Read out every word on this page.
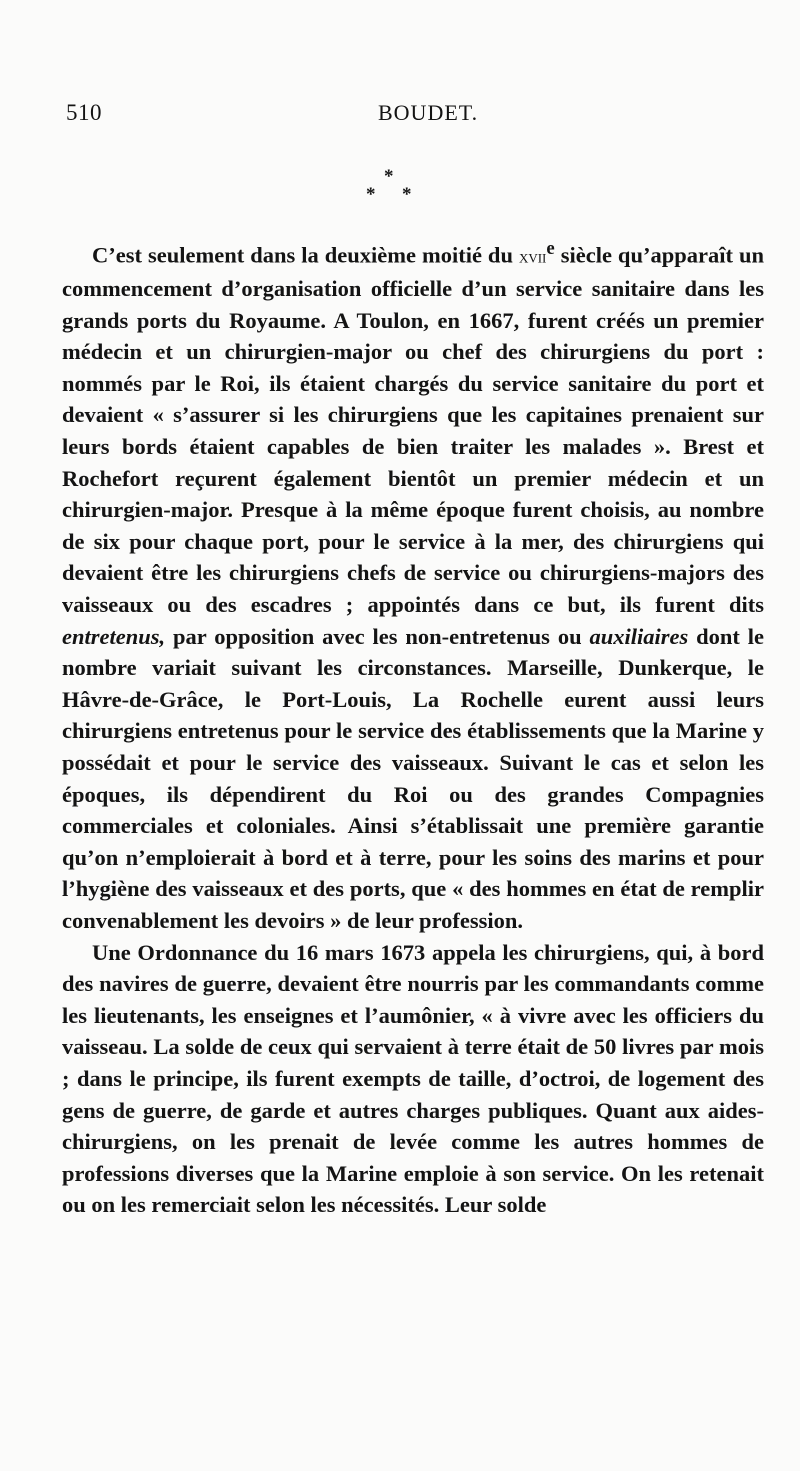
510	BOUDET.
*
* *

C’est seulement dans la deuxième moitié du xvii$^e$ siècle qu’apparaît un commencement d’organisation officielle d’un service sanitaire dans les grands ports du Royaume. A Toulon, en 1667, furent créés un premier médecin et un chirurgien-major ou chef des chirurgiens du port : nommés par le Roi, ils étaient chargés du service sanitaire du port et devaient « s’assurer si les chirurgiens que les capitaines prenaient sur leurs bords étaient capables de bien traiter les malades ». Brest et Rochefort reçurent également bientôt un premier médecin et un chirurgien-major. Presque à la même époque furent choisis, au nombre de six pour chaque port, pour le service à la mer, des chirurgiens qui devaient être les chirurgiens chefs de service ou chirurgiens-majors des vaisseaux ou des escadres ; appointés dans ce but, ils furent dits entretenus, par opposition avec les non-entretenus ou auxiliaires dont le nombre variait suivant les circonstances. Marseille, Dunkerque, le Hâvre-de-Grâce, le Port-Louis, La Rochelle eurent aussi leurs chirurgiens entretenus pour le service des établissements que la Marine y possédait et pour le service des vaisseaux. Suivant le cas et selon les époques, ils dépendirent du Roi ou des grandes Compagnies commerciales et coloniales. Ainsi s’établissait une première garantie qu’on n’emploierait à bord et à terre, pour les soins des marins et pour l’hygiène des vaisseaux et des ports, que « des hommes en état de remplir convenablement les devoirs » de leur profession.

Une Ordonnance du 16 mars 1673 appela les chirurgiens, qui, à bord des navires de guerre, devaient être nourris par les commandants comme les lieutenants, les enseignes et l’aumônier, « à vivre avec les officiers du vaisseau. La solde de ceux qui servaient à terre était de 50 livres par mois ; dans le principe, ils furent exempts de taille, d’octroi, de logement des gens de guerre, de garde et autres charges publiques. Quant aux aides-chirurgiens, on les prenait de levée comme les autres hommes de professions diverses que la Marine emploie à son service. On les retenait ou on les remerciait selon les nécessités. Leur solde
